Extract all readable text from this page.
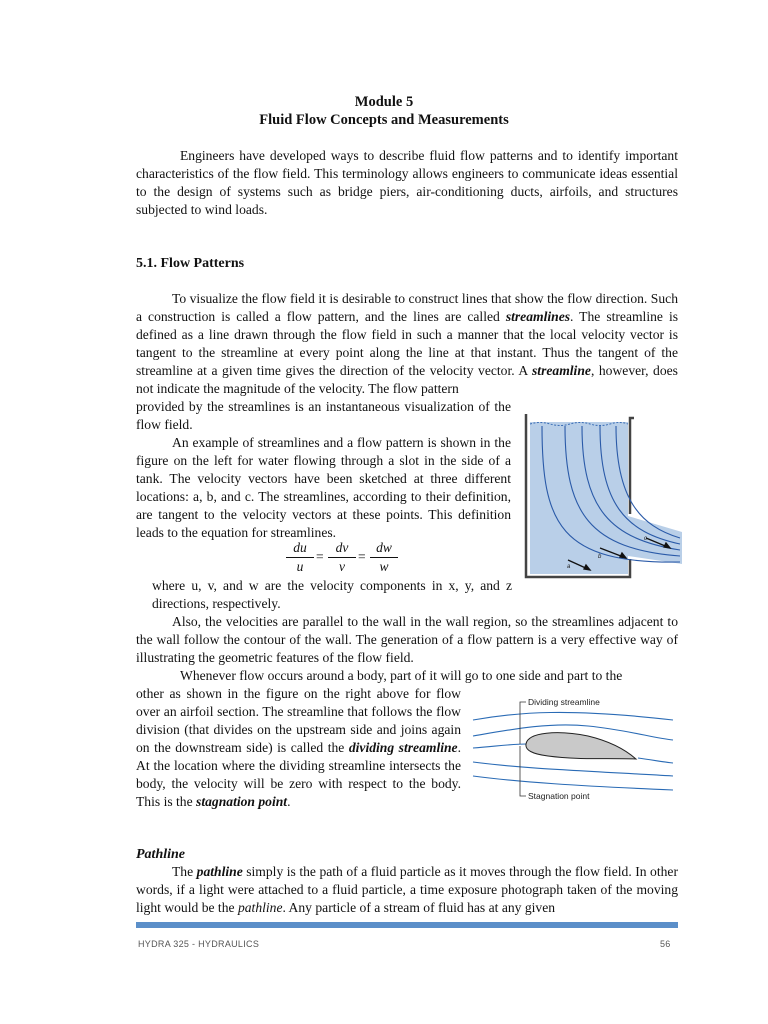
Module 5
Fluid Flow Concepts and Measurements

Engineers have developed ways to describe fluid flow patterns and to identify important characteristics of the flow field. This terminology allows engineers to communicate ideas essential to the design of systems such as bridge piers, air-conditioning ducts, airfoils, and structures subjected to wind loads.

5.1. Flow Patterns

To visualize the flow field it is desirable to construct lines that show the flow direction. Such a construction is called a flow pattern, and the lines are called streamlines. The streamline is defined as a line drawn through the flow field in such a manner that the local velocity vector is tangent to the streamline at every point along the line at that instant. Thus the tangent of the streamline at a given time gives the direction of the velocity vector. A streamline, however, does not indicate the magnitude of the velocity. The flow pattern

provided by the streamlines is an instantaneous visualization of the flow field.

An example of streamlines and a flow pattern is shown in the figure on the left for water flowing through a slot in the side of a tank. The velocity vectors have been sketched at three different locations: a, b, and c. The streamlines, according to their definition, are tangent to the velocity vectors at these points. This definition leads to the equation for streamlines.

$\frac{du}{u} = \frac{dv}{v} = \frac{dw}{w}$

where u, v, and w are the velocity components in x, y, and z directions, respectively.

Also, the velocities are parallel to the wall in the wall region, so the streamlines adjacent to the wall follow the contour of the wall. The generation of a flow pattern is a very effective way of illustrating the geometric features of the flow field.

Whenever flow occurs around a body, part of it will go to one side and part to the

other as shown in the figure on the right above for flow over an airfoil section. The streamline that follows the flow division (that divides on the upstream side and joins again on the downstream side) is called the dividing streamline. At the location where the dividing streamline intersects the body, the velocity will be zero with respect to the body. This is the stagnation point.

Pathline

The pathline simply is the path of a fluid particle as it moves through the flow field. In other words, if a light were attached to a fluid particle, a time exposure photograph taken of the moving light would be the pathline. Any particle of a stream of fluid has at any given

a
b
c
Dividing streamline
Stagnation point
HYDRA 325 - HYDRAULICS	56
